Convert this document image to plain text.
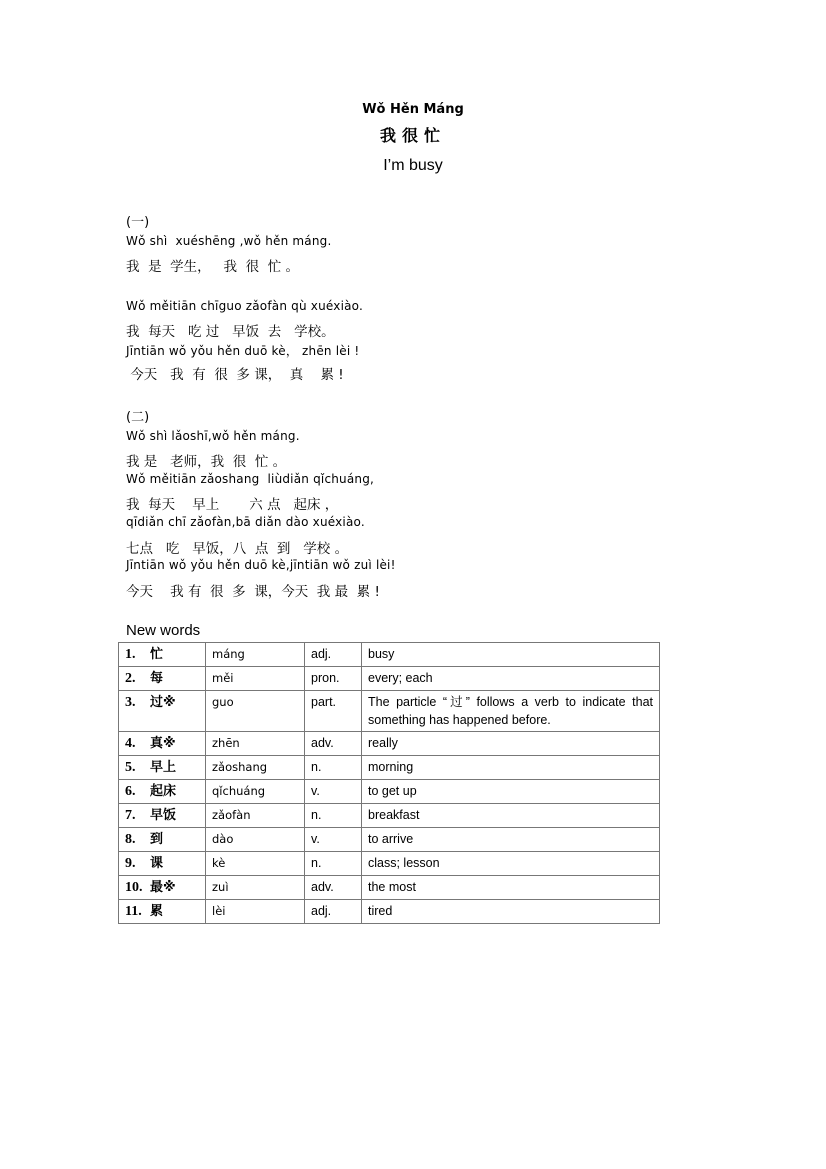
Wǒ Hěn Máng
我很忙
I’m busy
(一)
Wǒ shì  xuéshēng ,wǒ hěn máng.
我  是  学生，   我  很  忙 。
Wǒ měitiān chīguo zǎofàn qù xuéxiào.
我  每天   吃 过   早饭  去   学校。
Jīntiān wǒ yǒu hěn duō kè， zhēn lèi !
今天   我  有  很  多 课，  真    累 !
(二)
Wǒ shì lǎoshī,wǒ hěn máng.
我 是   老师，我  很  忙 。
Wǒ měitiān zǎoshang  liùdiǎn qǐchuáng,
我  每天    早上       六 点   起床 ，
qīdiǎn chī zǎofàn,bā diǎn dào xuéxiào.
七点   吃   早饭，八  点  到   学校 。
Jīntiān wǒ yǒu hěn duō kè,jīntiān wǒ zuì lèi!
今天    我 有  很  多  课，今天  我 最  累 !
New words
1. 忙	máng	adj.	busy
2. 每	měi	pron.	every; each
3. 过※	guo	part.	The particle “过” follows a verb to indicate that something has happened before.
4. 真※	zhēn	adv.	really
5. 早上	zǎoshang	n.	morning
6. 起床	qǐchuáng	v.	to get up
7. 早饭	zǎofàn	n.	breakfast
8. 到	dào	v.	to arrive
9. 课	kè	n.	class; lesson
10. 最※	zuì	adv.	the most
11. 累	lèi	adj.	tired
